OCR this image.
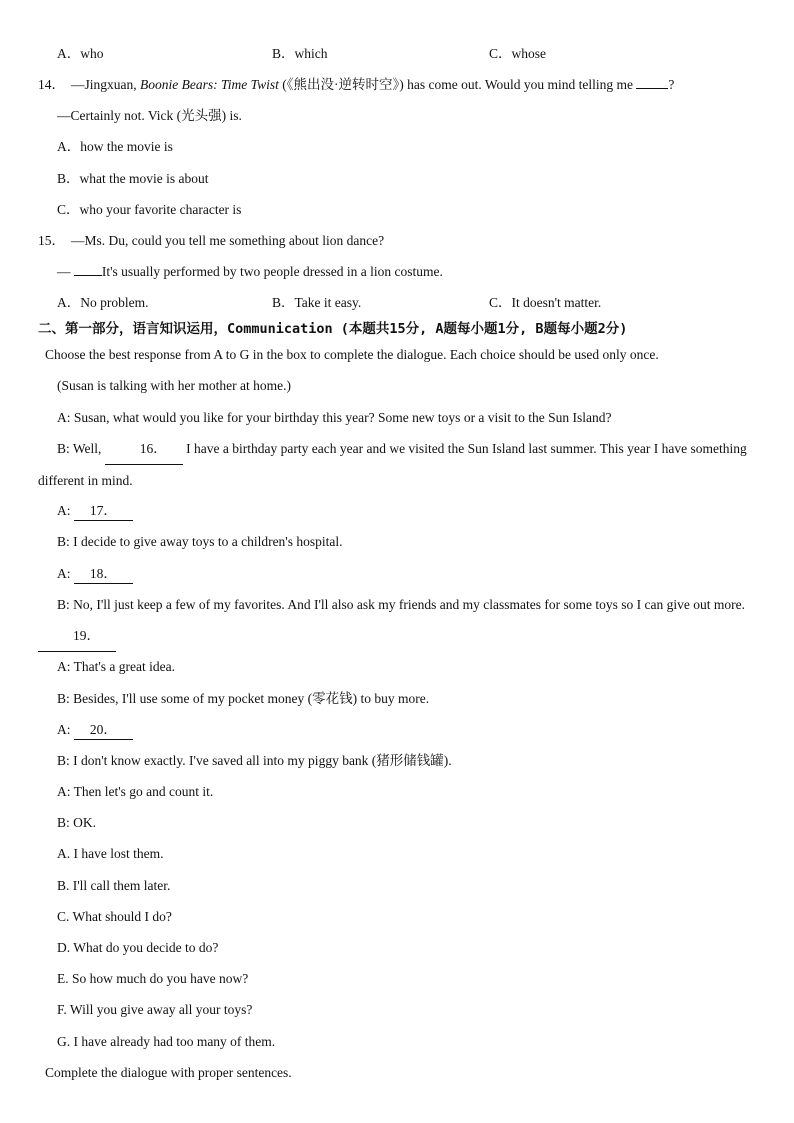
A．who	B．which	C．whose
14． —Jingxuan, Boonie Bears: Time Twist (《熊出没·逆转时空》) has come out. Would you mind telling me ?
—Certainly not. Vick (光头强) is.
A．how the movie is
B．what the movie is about
C．who your favorite character is
15． —Ms. Du, could you tell me something about lion dance?
— It's usually performed by two people dressed in a lion costume.
A．No problem.	B．Take it easy.	C．It doesn't matter.
二、第一部分，语言知识运用，Communication (本题共15分, A题每小题1分, B题每小题2分)
Choose the best response from A to G in the box to complete the dialogue. Each choice should be used only once.
(Susan is talking with her mother at home.)
A: Susan, what would you like for your birthday this year? Some new toys or a visit to the Sun Island?
B: Well,	16． I have a birthday party each year and we visited the Sun Island last summer. This year I have something different in mind.
A: 17．
B: I decide to give away toys to a children's hospital.
A: 18．
B: No, I'll just keep a few of my favorites. And I'll also ask my friends and my classmates for some toys so I can give out more. 19．
A: That's a great idea.
B: Besides, I'll use some of my pocket money (零花钱) to buy more.
A: 20．
B: I don't know exactly. I've saved all into my piggy bank (猪形储钱罐).
A: Then let's go and count it.
B: OK.
A. I have lost them.
B. I'll call them later.
C. What should I do?
D. What do you decide to do?
E. So how much do you have now?
F. Will you give away all your toys?
G. I have already had too many of them.
Complete the dialogue with proper sentences.
